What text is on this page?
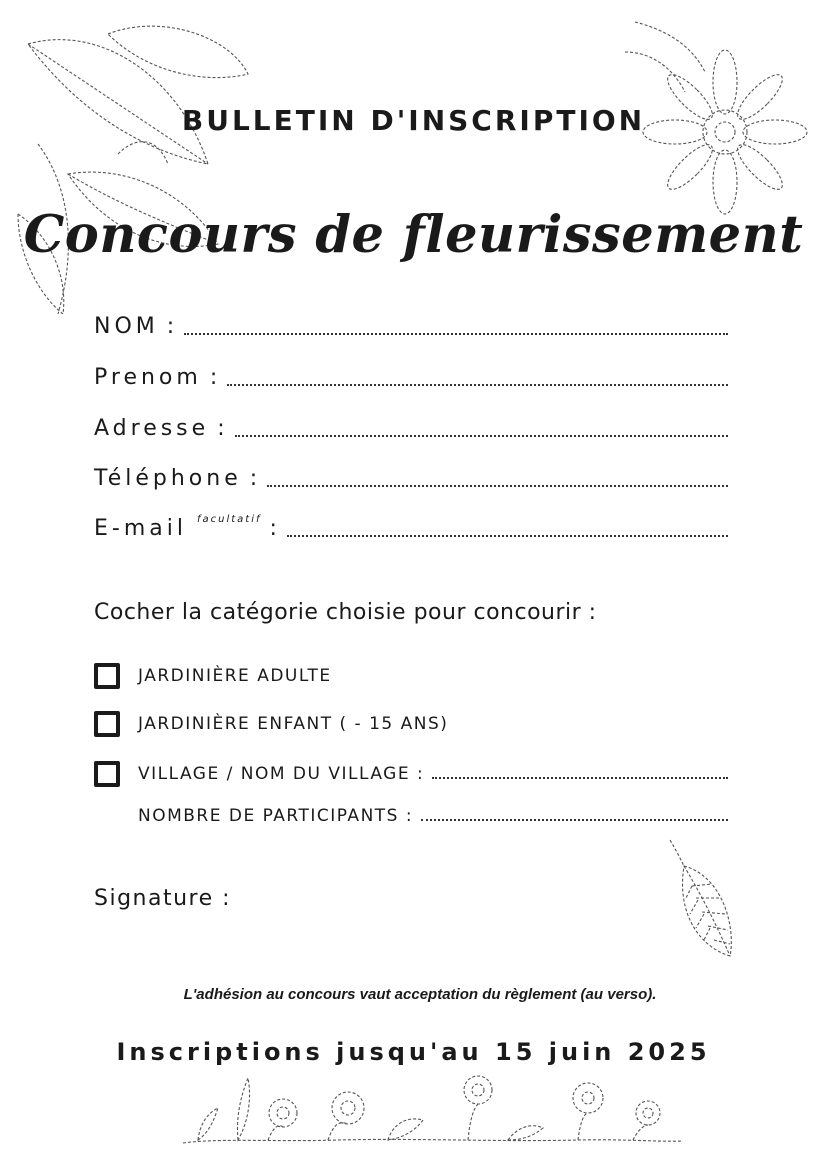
BULLETIN D'INSCRIPTION
Concours de fleurissement
NOM :
Prenom :
Adresse :
Téléphone :
E-mail facultatif :
Cocher la catégorie choisie pour concourir :
JARDINIÈRE ADULTE
JARDINIÈRE ENFANT ( - 15 ANS)
VILLAGE / NOM DU VILLAGE :
NOMBRE DE PARTICIPANTS :
Signature :
L'adhésion au concours vaut acceptation du règlement (au verso).
Inscriptions jusqu'au 15 juin 2025
